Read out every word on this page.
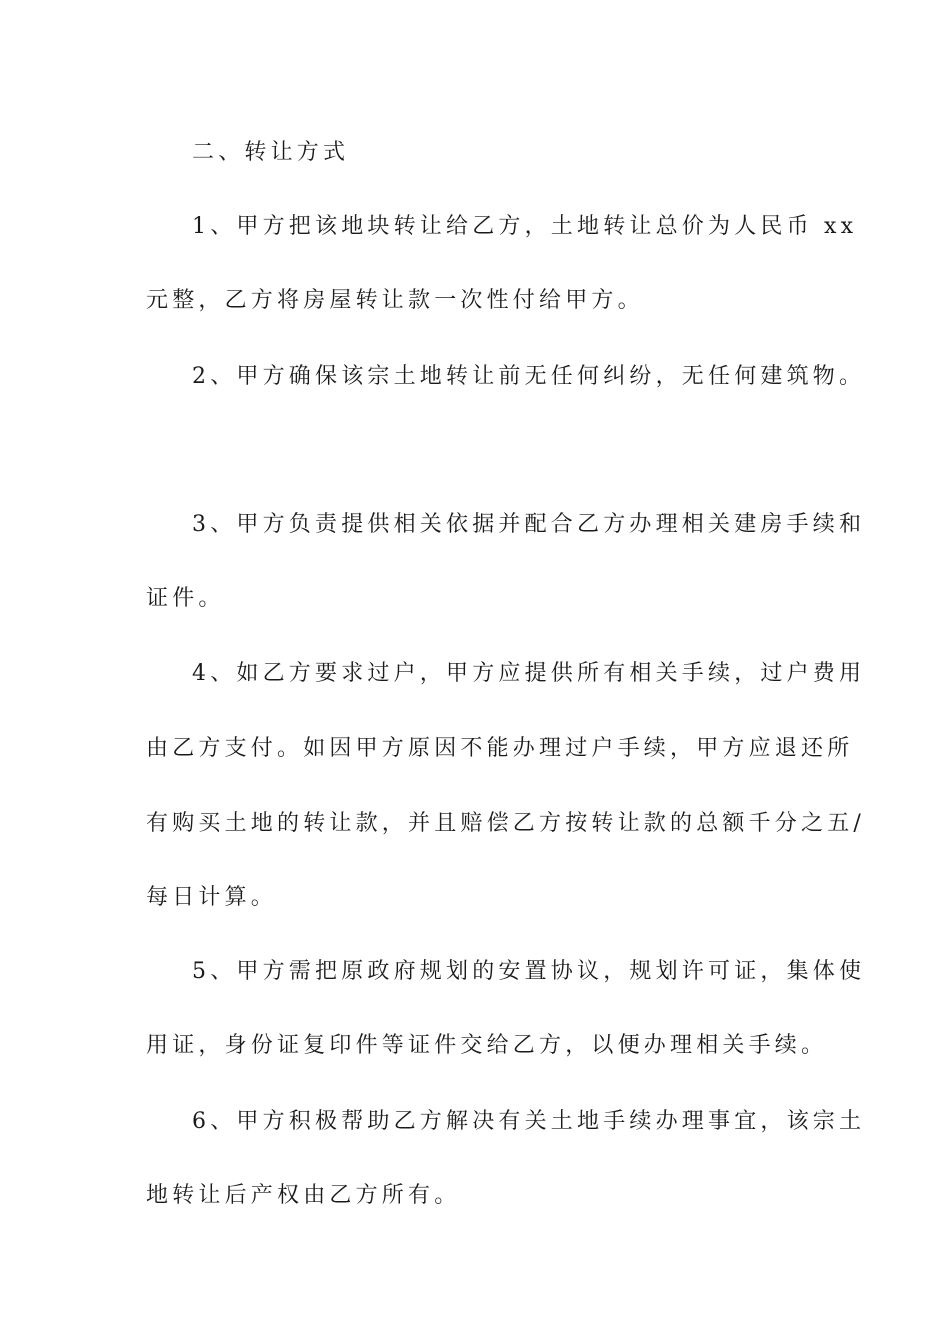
二、转让方式
1、甲方把该地块转让给乙方，土地转让总价为人民币 xx
元整，乙方将房屋转让款一次性付给甲方。
2、甲方确保该宗土地转让前无任何纠纷，无任何建筑物。
3、甲方负责提供相关依据并配合乙方办理相关建房手续和
证件。
4、如乙方要求过户，甲方应提供所有相关手续，过户费用
由乙方支付。如因甲方原因不能办理过户手续，甲方应退还所
有购买土地的转让款，并且赔偿乙方按转让款的总额千分之五/
每日计算。
5、甲方需把原政府规划的安置协议，规划许可证，集体使
用证，身份证复印件等证件交给乙方，以便办理相关手续。
6、甲方积极帮助乙方解决有关土地手续办理事宜，该宗土
地转让后产权由乙方所有。
